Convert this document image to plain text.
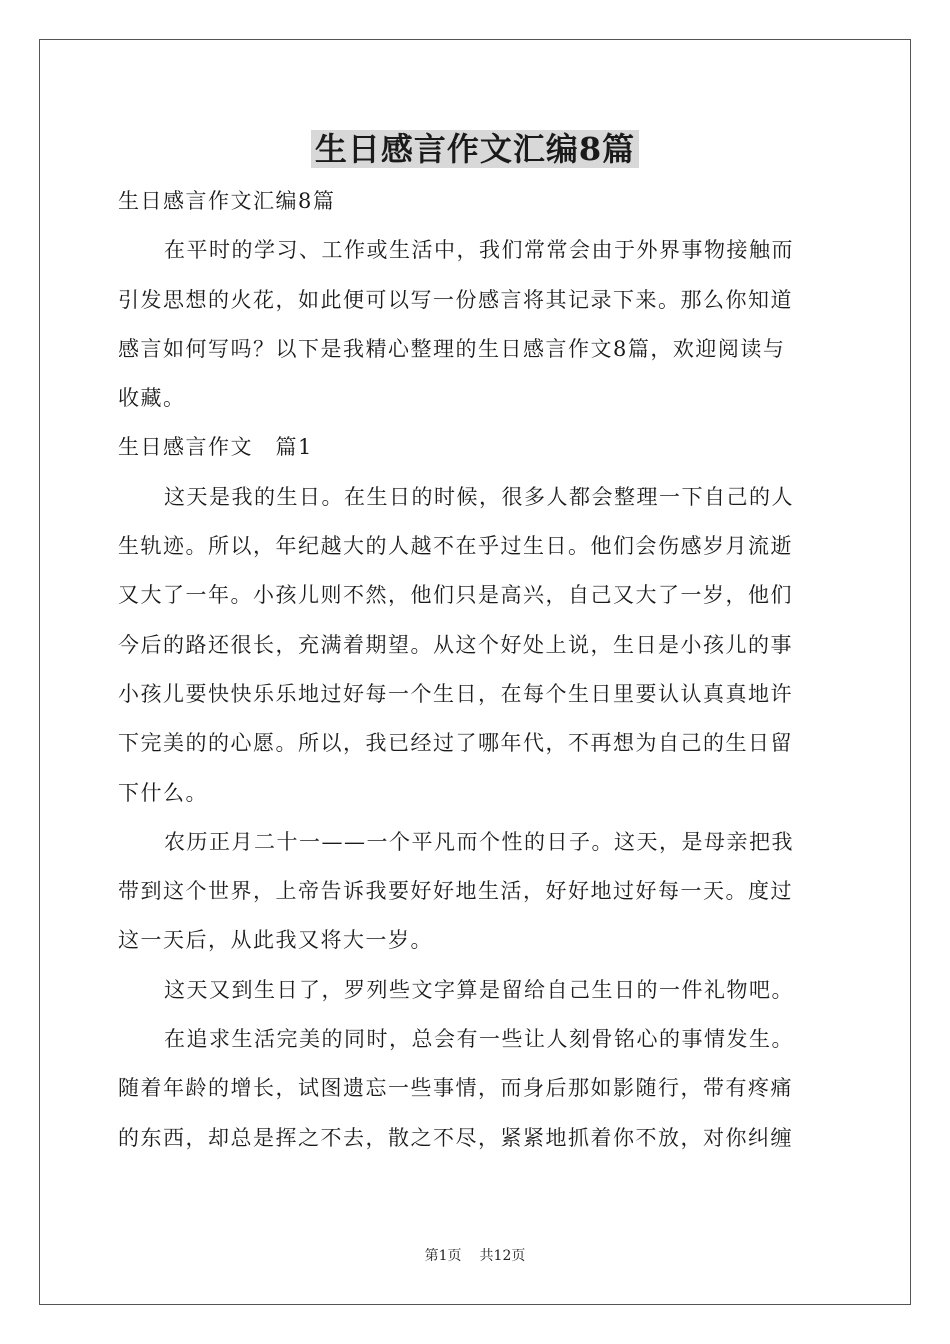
生日感言作文汇编8篇
生日感言作文汇编8篇
在平时的学习、工作或生活中，我们常常会由于外界事物接触而
引发思想的火花，如此便可以写一份感言将其记录下来。那么你知道
感言如何写吗？以下是我精心整理的生日感言作文8篇，欢迎阅读与
收藏。
生日感言作文　篇1
这天是我的生日。在生日的时候，很多人都会整理一下自己的人
生轨迹。所以，年纪越大的人越不在乎过生日。他们会伤感岁月流逝
又大了一年。小孩儿则不然，他们只是高兴，自己又大了一岁，他们
今后的路还很长，充满着期望。从这个好处上说，生日是小孩儿的事
小孩儿要快快乐乐地过好每一个生日，在每个生日里要认认真真地许
下完美的的心愿。所以，我已经过了哪年代，不再想为自己的生日留
下什么。
农历正月二十一——一个平凡而个性的日子。这天，是母亲把我
带到这个世界，上帝告诉我要好好地生活，好好地过好每一天。度过
这一天后，从此我又将大一岁。
这天又到生日了，罗列些文字算是留给自己生日的一件礼物吧。
在追求生活完美的同时，总会有一些让人刻骨铭心的事情发生。
随着年龄的增长，试图遗忘一些事情，而身后那如影随行，带有疼痛
的东西，却总是挥之不去，散之不尽，紧紧地抓着你不放，对你纠缠
第1页 共12页
